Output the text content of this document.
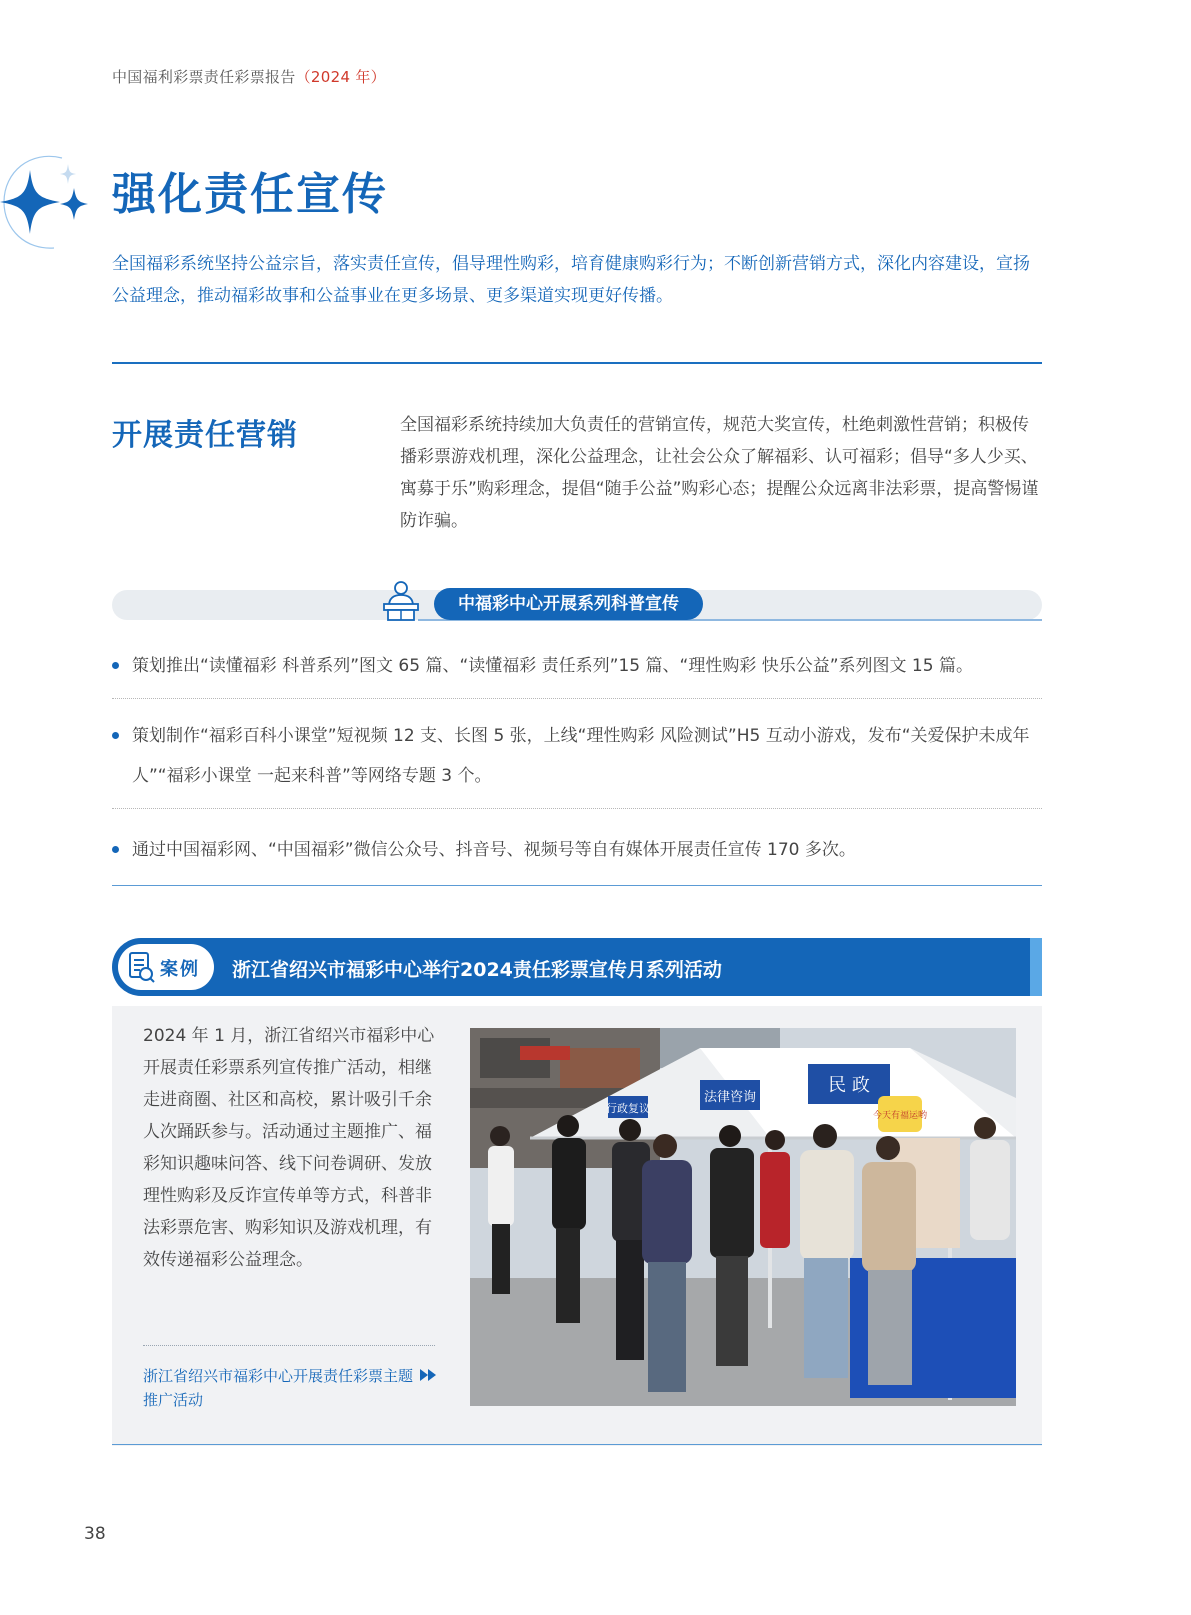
中国福利彩票责任彩票报告（2024 年）
强化责任宣传
全国福彩系统坚持公益宗旨，落实责任宣传，倡导理性购彩，培育健康购彩行为；不断创新营销方式，深化内容建设，宣扬公益理念，推动福彩故事和公益事业在更多场景、更多渠道实现更好传播。
开展责任营销	全国福彩系统持续加大负责任的营销宣传，规范大奖宣传，杜绝刺激性营销；积极传播彩票游戏机理，深化公益理念，让社会公众了解福彩、认可福彩；倡导“多人少买、寓募于乐”购彩理念，提倡“随手公益”购彩心态；提醒公众远离非法彩票，提高警惕谨防诈骗。
中福彩中心开展系列科普宣传
策划推出“读懂福彩 科普系列”图文 65 篇、“读懂福彩 责任系列”15 篇、“理性购彩 快乐公益”系列图文 15 篇。
策划制作“福彩百科小课堂”短视频 12 支、长图 5 张，上线“理性购彩 风险测试”H5 互动小游戏，发布“关爱保护未成年人”“福彩小课堂 一起来科普”等网络专题 3 个。
通过中国福彩网、“中国福彩”微信公众号、抖音号、视频号等自有媒体开展责任宣传 170 多次。
案例 浙江省绍兴市福彩中心举行2024责任彩票宣传月系列活动
2024 年 1 月，浙江省绍兴市福彩中心开展责任彩票系列宣传推广活动，相继走进商圈、社区和高校，累计吸引千余人次踊跃参与。活动通过主题推广、福彩知识趣味问答、线下问卷调研、发放理性购彩及反诈宣传单等方式，科普非法彩票危害、购彩知识及游戏机理，有效传递福彩公益理念。
浙江省绍兴市福彩中心开展责任彩票主题推广活动
行政复议
法律咨询
民 政
今天有福运哟
38
